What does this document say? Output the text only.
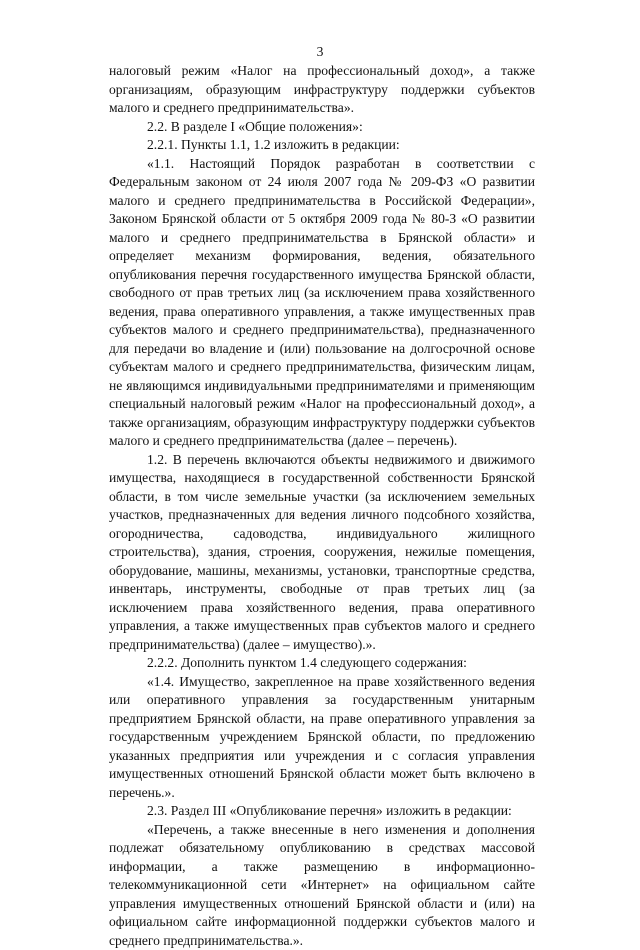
3

налоговый режим «Налог на профессиональный доход», а также организациям, образующим инфраструктуру поддержки субъектов малого и среднего предпринимательства».

2.2. В разделе I «Общие положения»:

2.2.1. Пункты 1.1, 1.2 изложить в редакции:

«1.1. Настоящий Порядок разработан в соответствии с Федеральным законом от 24 июля 2007 года № 209-ФЗ «О развитии малого и среднего предпринимательства в Российской Федерации», Законом Брянской области от 5 октября 2009 года № 80-З «О развитии малого и среднего предпринимательства в Брянской области» и определяет механизм формирования, ведения, обязательного опубликования перечня государственного имущества Брянской области, свободного от прав третьих лиц (за исключением права хозяйственного ведения, права оперативного управления, а также имущественных прав субъектов малого и среднего предпринимательства), предназначенного для передачи во владение и (или) пользование на долгосрочной основе субъектам малого и среднего предпринимательства, физическим лицам, не являющимся индивидуальными предпринимателями и применяющим специальный налоговый режим «Налог на профессиональный доход», а также организациям, образующим инфраструктуру поддержки субъектов малого и среднего предпринимательства (далее – перечень).

1.2. В перечень включаются объекты недвижимого и движимого имущества, находящиеся в государственной собственности Брянской области, в том числе земельные участки (за исключением земельных участков, предназначенных для ведения личного подсобного хозяйства, огородничества, садоводства, индивидуального жилищного строительства), здания, строения, сооружения, нежилые помещения, оборудование, машины, механизмы, установки, транспортные средства, инвентарь, инструменты, свободные от прав третьих лиц (за исключением права хозяйственного ведения, права оперативного управления, а также имущественных прав субъектов малого и среднего предпринимательства) (далее – имущество).».

2.2.2. Дополнить пунктом 1.4 следующего содержания:

«1.4. Имущество, закрепленное на праве хозяйственного ведения или оперативного управления за государственным унитарным предприятием Брянской области, на праве оперативного управления за государственным учреждением Брянской области, по предложению указанных предприятия или учреждения и с согласия управления имущественных отношений Брянской области может быть включено в перечень.».

2.3. Раздел III «Опубликование перечня» изложить в редакции:

«Перечень, а также внесенные в него изменения и дополнения подлежат обязательному опубликованию в средствах массовой информации, а также размещению в информационно-телекоммуникационной сети «Интернет» на официальном сайте управления имущественных отношений Брянской области и (или) на официальном сайте информационной поддержки субъектов малого и среднего предпринимательства.».
